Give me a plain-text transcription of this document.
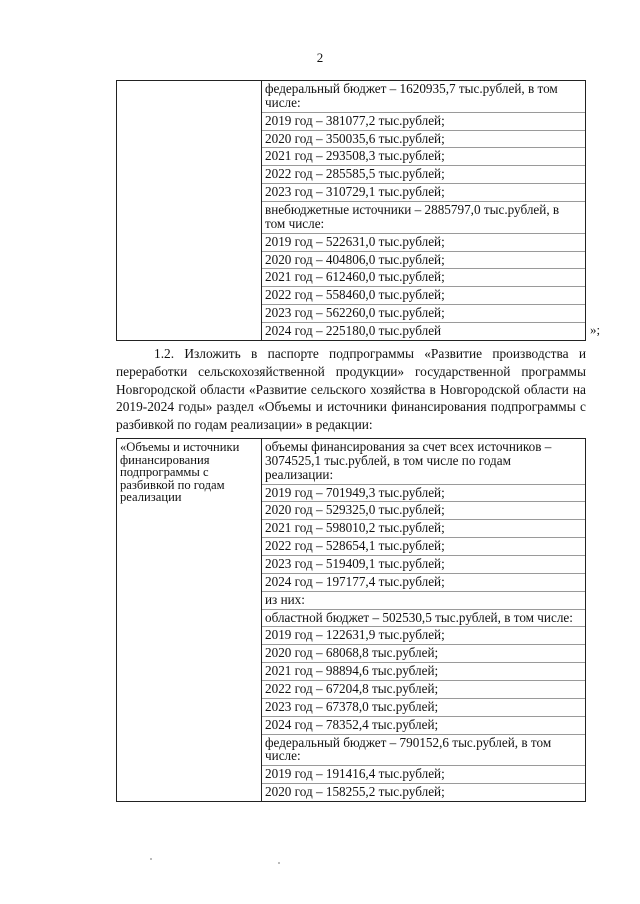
2

федеральный бюджет – 1620935,7 тыс.рублей, в том числе:
2019 год – 381077,2 тыс.рублей;
2020 год – 350035,6 тыс.рублей;
2021 год – 293508,3 тыс.рублей;
2022 год – 285585,5 тыс.рублей;
2023 год – 310729,1 тыс.рублей;
внебюджетные источники – 2885797,0 тыс.рублей, в том числе:
2019 год – 522631,0 тыс.рублей;
2020 год – 404806,0 тыс.рублей;
2021 год – 612460,0 тыс.рублей;
2022 год – 558460,0 тыс.рублей;
2023 год – 562260,0 тыс.рублей;
2024 год – 225180,0 тыс.рублей	»;
1.2. Изложить в паспорте подпрограммы «Развитие производства и переработки сельскохозяйственной продукции» государственной программы Новгородской области «Развитие сельского хозяйства в Новгородской области на 2019-2024 годы» раздел «Объемы и источники финансирования подпрограммы с разбивкой по годам реализации» в редакции:
«Объемы и источники финансирования подпрограммы с разбивкой по годам реализации

объемы финансирования за счет всех источников – 3074525,1 тыс.рублей, в том числе по годам реализации:
2019 год – 701949,3 тыс.рублей;
2020 год – 529325,0 тыс.рублей;
2021 год – 598010,2 тыс.рублей;
2022 год – 528654,1 тыс.рублей;
2023 год – 519409,1 тыс.рублей;
2024 год – 197177,4 тыс.рублей;
из них:
областной бюджет – 502530,5 тыс.рублей, в том числе:
2019 год – 122631,9 тыс.рублей;
2020 год – 68068,8 тыс.рублей;
2021 год – 98894,6 тыс.рублей;
2022 год – 67204,8 тыс.рублей;
2023 год – 67378,0 тыс.рублей;
2024 год – 78352,4 тыс.рублей;
федеральный бюджет – 790152,6 тыс.рублей, в том числе:
2019 год – 191416,4 тыс.рублей;
2020 год – 158255,2 тыс.рублей;
